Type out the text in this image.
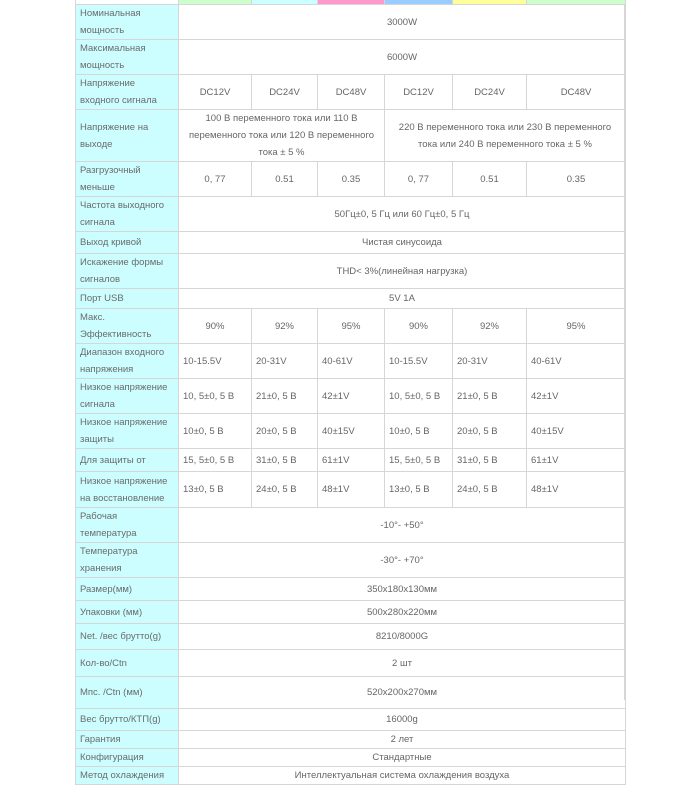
Номинальная мощность	3000W					
Максимальная мощность	6000W					
Напряжение входного сигнала	DC12V	DC24V	DC48V	DC12V	DC24V	DC48V
Напряжение на выходе	100 В переменного тока или 110 В переменного тока или 120 В переменного тока ± 5 %			220 В переменного тока или 230 В переменного тока или 240 В переменного тока ± 5 %		
Разгрузочный меньше	0, 77	0.51	0.35	0, 77	0.51	0.35
Частота выходного сигнала	50Гц±0, 5 Гц или 60 Гц±0, 5 Гц					
Выход кривой	Чистая синусоида					
Искажение формы сигналов	THD< 3%(линейная нагрузка)					
Порт USB	5V 1A					
Макс. Эффективность	90%	92%	95%	90%	92%	95%
Диапазон входного напряжения	10-15.5V	20-31V	40-61V	10-15.5V	20-31V	40-61V
Низкое напряжение сигнала	10, 5±0, 5 В	21±0, 5 В	42±1V	10, 5±0, 5 В	21±0, 5 В	42±1V
Низкое напряжение защиты	10±0, 5 В	20±0, 5 В	40±15V	10±0, 5 В	20±0, 5 В	40±15V
Для защиты от	15, 5±0, 5 В	31±0, 5 В	61±1V	15, 5±0, 5 В	31±0, 5 В	61±1V
Низкое напряжение на восстановление	13±0, 5 В	24±0, 5 В	48±1V	13±0, 5 В	24±0, 5 В	48±1V
Рабочая температура	-10°- +50°					
Температура хранения	-30°- +70°					
Размер(мм)	350x180x130мм					
Упаковки (мм)	500x280x220мм					
Net. /вес брутто(g)	8210/8000G					
Кол-во/Ctn	2 шт					
Мпс. /Ctn (мм)	520x200x270мм					
Вес брутто/КТП(g)	16000g					
Гарантия	2 лет					
Конфигурация	Стандартные					
Метод охлаждения	Интеллектуальная система охлаждения воздуха					
